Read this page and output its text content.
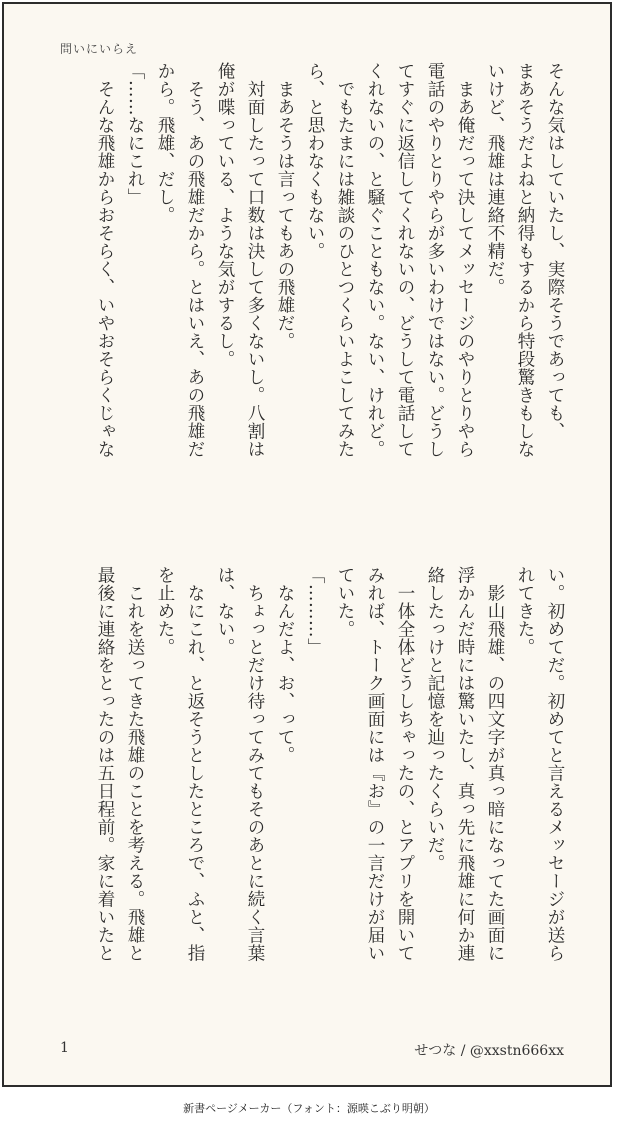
問いにいらえ
そんな気はしていたし、実際そうであっても、
まあそうだよねと納得もするから特段驚きもしな
いけど、飛雄は連絡不精だ。
　まあ俺だって決してメッセージのやりとりやら
電話のやりとりやらが多いわけではない。どうし
てすぐに返信してくれないの、どうして電話して
くれないの、と騒ぐこともない。ない、けれど。
　でもたまには雑談のひとつくらいよこしてみた
ら、と思わなくもない。
　まあそうは言ってもあの飛雄だ。
　対面したって口数は決して多くないし。八割は
俺が喋っている、ような気がするし。
　そう、あの飛雄だから。とはいえ、あの飛雄だ
から。飛雄、だし。
「……なにこれ」
　そんな飛雄からおそらく、いやおそらくじゃな
い。初めてだ。初めてと言えるメッセージが送ら
れてきた。
　影山飛雄、の四文字が真っ暗になってた画面に
浮かんだ時には驚いたし、真っ先に飛雄に何か連
絡したっけと記憶を辿ったくらいだ。
　一体全体どうしちゃったの、とアプリを開いて
みれば、トーク画面には『お』の一言だけが届い
ていた。
「………」
　なんだよ、お、って。
　ちょっとだけ待ってみてもそのあとに続く言葉
は、ない。
　なにこれ、と返そうとしたところで、ふと、指
を止めた。
　これを送ってきた飛雄のことを考える。飛雄と
最後に連絡をとったのは五日程前。家に着いたと
1	せつな / @xxstn666xx
新書ページメーカー（フォント：源暎こぶり明朝）
